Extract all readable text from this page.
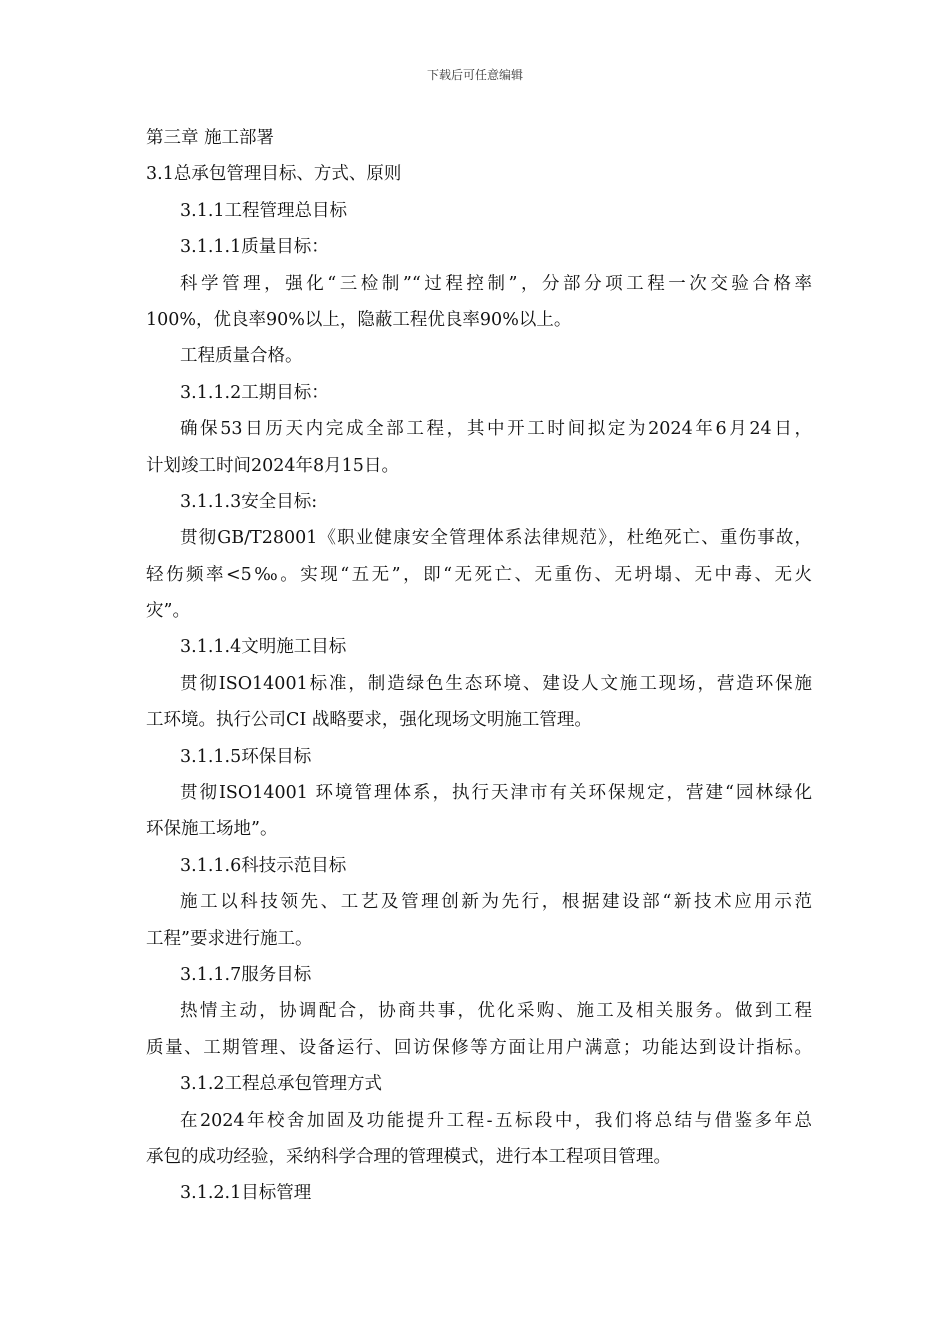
下载后可任意编辑
第三章 施工部署
3.1总承包管理目标、方式、原则
3.1.1工程管理总目标
3.1.1.1质量目标：
科学管理，强化“三检制”“过程控制”，分部分项工程一次交验合格率
100%，优良率90%以上，隐蔽工程优良率90%以上。
工程质量合格。
3.1.1.2工期目标：
确保53日历天内完成全部工程，其中开工时间拟定为2024年6月24日，
计划竣工时间2024年8月15日。
3.1.1.3安全目标:
贯彻GB/T28001《职业健康安全管理体系法律规范》，杜绝死亡、重伤事故，
轻伤频率<5‰。实现“五无”，即“无死亡、无重伤、无坍塌、无中毒、无火
灾”。
3.1.1.4文明施工目标
贯彻ISO14001标准，制造绿色生态环境、建设人文施工现场，营造环保施
工环境。执行公司CI 战略要求，强化现场文明施工管理。
3.1.1.5环保目标
贯彻ISO14001 环境管理体系，执行天津市有关环保规定，营建“园林绿化
环保施工场地”。
3.1.1.6科技示范目标
施工以科技领先、工艺及管理创新为先行，根据建设部“新技术应用示范
工程”要求进行施工。
3.1.1.7服务目标
热情主动，协调配合，协商共事，优化采购、施工及相关服务。做到工程
质量、工期管理、设备运行、回访保修等方面让用户满意；功能达到设计指标。
3.1.2工程总承包管理方式
在2024年校舍加固及功能提升工程-五标段中，我们将总结与借鉴多年总
承包的成功经验，采纳科学合理的管理模式，进行本工程项目管理。
3.1.2.1目标管理
